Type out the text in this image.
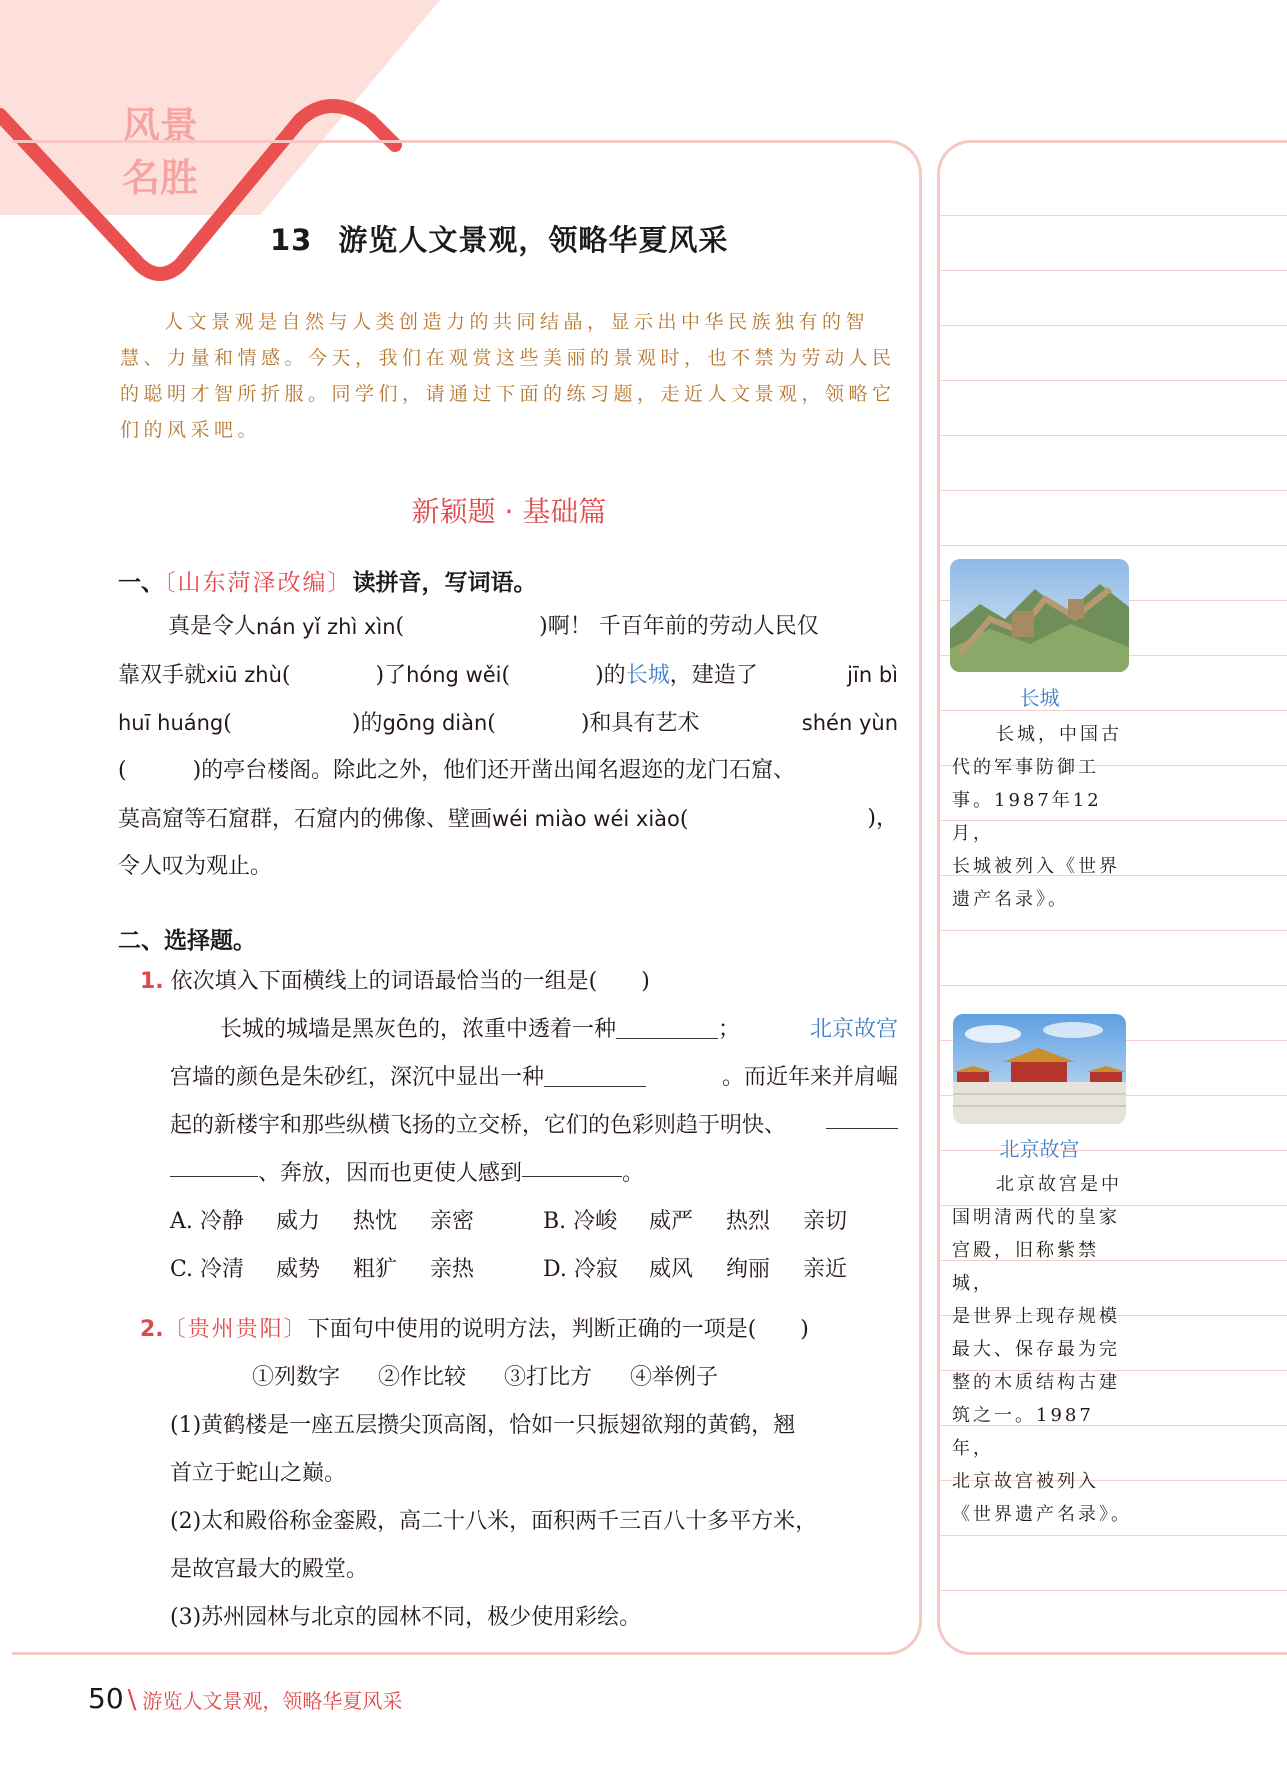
风景
名胜
13 游览人文景观，领略华夏风采
人文景观是自然与人类创造力的共同结晶，显示出中华民族独有的智慧、力量和情感。今天，我们在观赏这些美丽的景观时，也不禁为劳动人民的聪明才智所折服。同学们，请通过下面的练习题，走近人文景观，领略它们的风采吧。
新颖题 · 基础篇
一、〔山东菏泽改编〕读拼音，写词语。
真是令人 nán yǐ zhì xìn (	)啊！ 千百年前的劳动人民仅
靠双手就xiū zhù(	)了hóng wěi(	)的长城，建造了	jīn bì
huī huáng(	)的gōng diàn(	)和具有艺术	shén yùn
(　　　)的亭台楼阁。除此之外，他们还开凿出闻名遐迩的龙门石窟、
莫高窟等石窟群，石窟内的佛像、壁画wéi miào wéi xiào(	)，
令人叹为观止。
二、选择题。
1.
依次填入下面横线上的词语最恰当的一组是(　　)
长城的城墙是黑灰色的，浓重中透着一种	；	北京故宫
宫墙的颜色是朱砂红，深沉中显出一种	。而近年来并肩崛
起的新楼宇和那些纵横飞扬的立交桥，它们的色彩则趋于明快、
、奔放，因而也更使人感到	。
A. 冷静 威力 热忱 亲密	B. 冷峻 威严 热烈 亲切
C. 冷清 威势 粗犷 亲热	D. 冷寂 威风 绚丽 亲近
2. 〔贵州贵阳〕 下面句中使用的说明方法，判断正确的一项是(　　)
①列数字 ②作比较 ③打比方 ④举例子
(1)黄鹤楼是一座五层攒尖顶高阁，恰如一只振翅欲翔的黄鹤，翘
首立于蛇山之巅。
(2)太和殿俗称金銮殿，高二十八米，面积两千三百八十多平方米，
是故宫最大的殿堂。
(3)苏州园林与北京的园林不同，极少使用彩绘。
长城
长城，中国古
代的军事防御工
事。1987年12月，
长城被列入《世界
遗产名录》。
北京故宫
北京故宫是中
国明清两代的皇家
宫殿，旧称紫禁城，
是世界上现存规模
最大、保存最为完
整的木质结构古建
筑之一。1987年，
北京故宫被列入
《世界遗产名录》。
50 \ 游览人文景观，领略华夏风采
